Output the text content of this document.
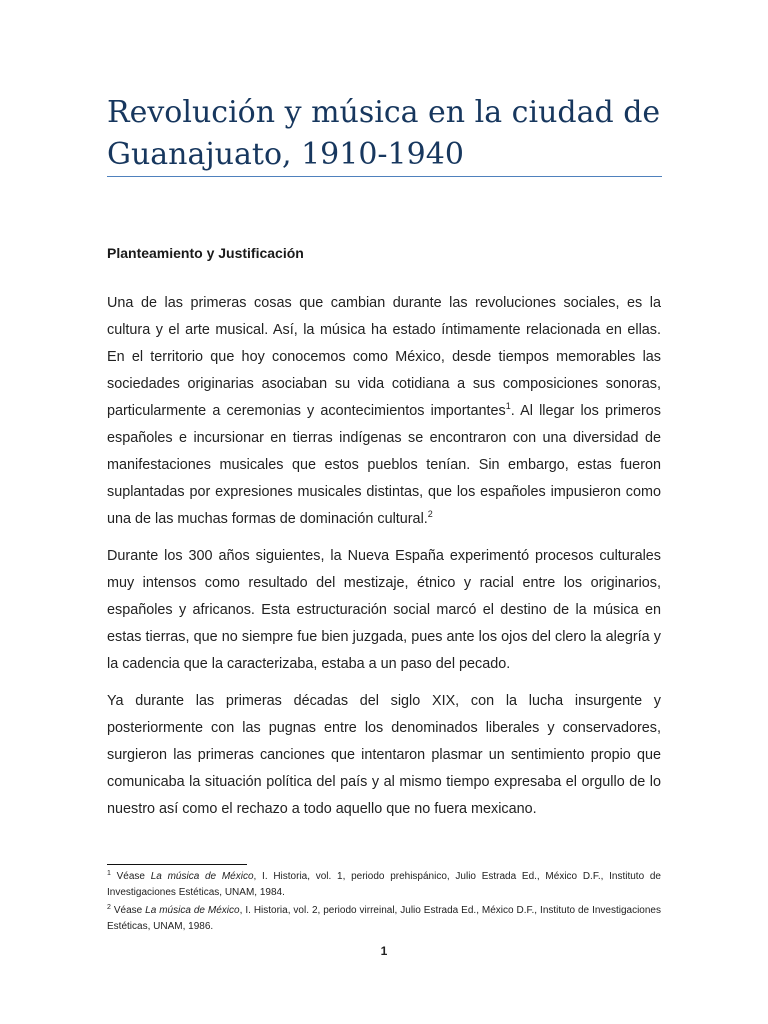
Revolución y música en la ciudad de Guanajuato, 1910-1940
Planteamiento y Justificación

Una de las primeras cosas que cambian durante las revoluciones sociales, es la cultura y el arte musical. Así, la música ha estado íntimamente relacionada en ellas. En el territorio que hoy conocemos como México, desde tiempos memorables las sociedades originarias asociaban su vida cotidiana a sus composiciones sonoras, particularmente a ceremonias y acontecimientos importantes$^1$. Al llegar los primeros españoles e incursionar en tierras indígenas se encontraron con una diversidad de manifestaciones musicales que estos pueblos tenían. Sin embargo, estas fueron suplantadas por expresiones musicales distintas, que los españoles impusieron como una de las muchas formas de dominación cultural.$^2$

Durante los 300 años siguientes, la Nueva España experimentó procesos culturales muy intensos como resultado del mestizaje, étnico y racial entre los originarios, españoles y africanos. Esta estructuración social marcó el destino de la música en estas tierras, que no siempre fue bien juzgada, pues ante los ojos del clero la alegría y la cadencia que la caracterizaba, estaba a un paso del pecado.

Ya durante las primeras décadas del siglo XIX, con la lucha insurgente y posteriormente con las pugnas entre los denominados liberales y conservadores, surgieron las primeras canciones que intentaron plasmar un sentimiento propio que comunicaba la situación política del país y al mismo tiempo expresaba el orgullo de lo nuestro así como el rechazo a todo aquello que no fuera mexicano.

$^1$ Véase La música de México, I. Historia, vol. 1, periodo prehispánico, Julio Estrada Ed., México D.F., Instituto de Investigaciones Estéticas, UNAM, 1984.
$^2$ Véase La música de México, I. Historia, vol. 2, periodo virreinal, Julio Estrada Ed., México D.F., Instituto de Investigaciones Estéticas, UNAM, 1986.
1
